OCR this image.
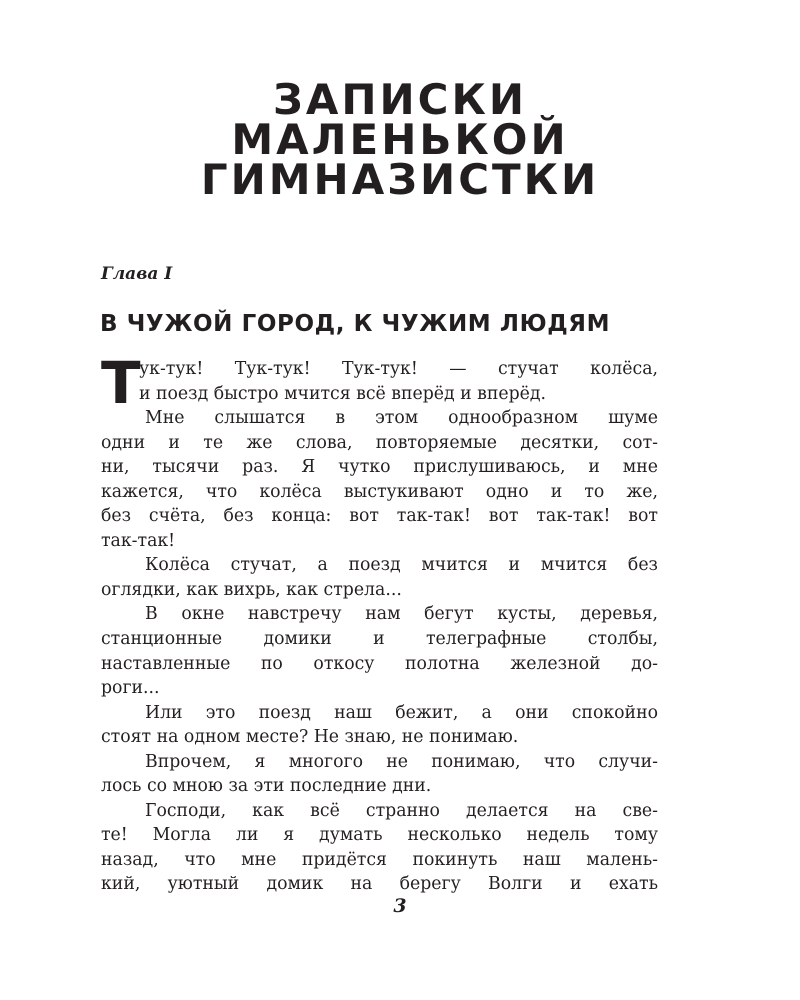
ЗАПИСКИ
МАЛЕНЬКОЙ
ГИМНАЗИСТКИ

Глава I

В ЧУЖОЙ ГОРОД, К ЧУЖИМ ЛЮДЯМ
Т
ук-тук! Тук-тук! Тук-тук! — стучат колёса,
и поезд быстро мчится всё вперёд и вперёд.
Мне слышатся в этом однообразном шуме
одни и те же слова, повторяемые десятки, сот-
ни, тысячи раз. Я чутко прислушиваюсь, и мне
кажется, что колёса выстукивают одно и то же,
без счёта, без конца: вот так-так! вот так-так! вот
так-так!
Колёса стучат, а поезд мчится и мчится без
оглядки, как вихрь, как стрела...
В окне навстречу нам бегут кусты, деревья,
станционные домики и телеграфные столбы,
наставленные по откосу полотна железной до-
роги...
Или это поезд наш бежит, а они спокойно
стоят на одном месте? Не знаю, не понимаю.
Впрочем, я многого не понимаю, что случи-
лось со мною за эти последние дни.
Господи, как всё странно делается на све-
те! Могла ли я думать несколько недель тому
назад, что мне придётся покинуть наш малень-
кий, уютный домик на берегу Волги и ехать

3
